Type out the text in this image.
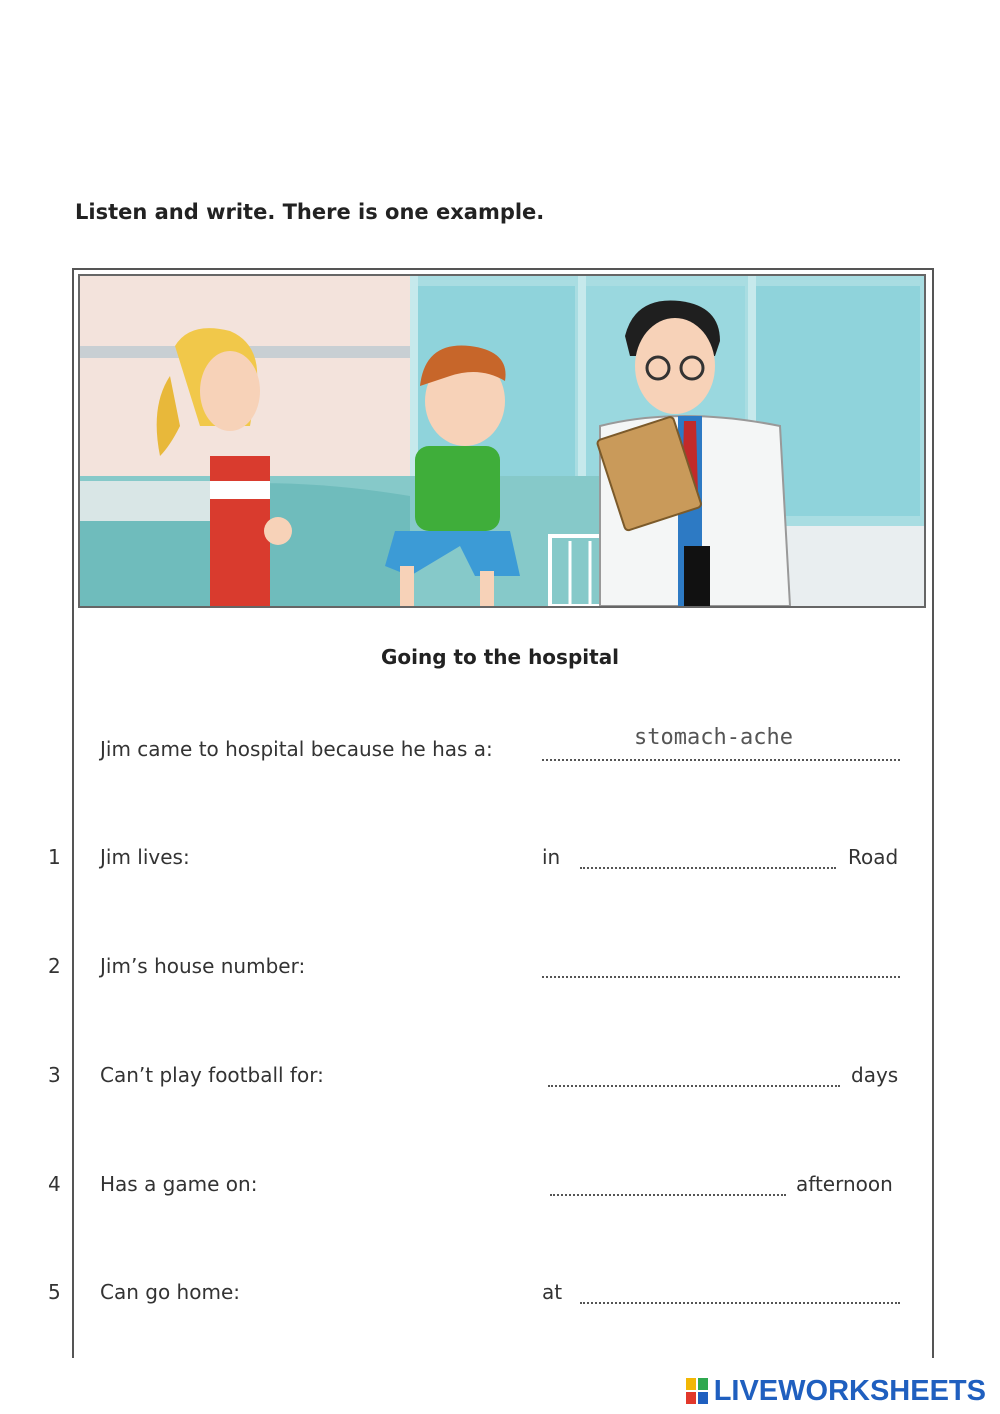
Listen and write. There is one example.
Going to the hospital
Jim came to hospital because he has a:	stomach-ache
1 Jim lives:	in	Road
2 Jim’s house number:
3 Can’t play football for:	days
4 Has a game on:	afternoon
5 Can go home:	at
LIVEWORKSHEETS
